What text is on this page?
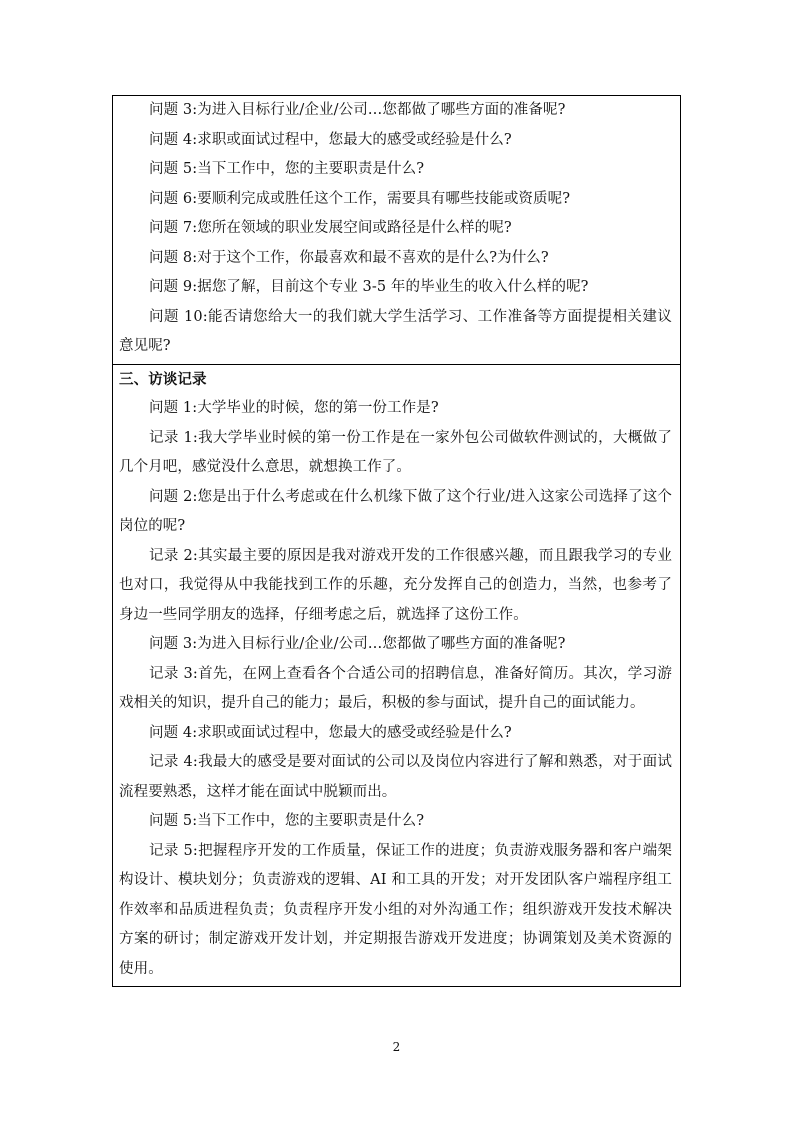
问题 3:为进入目标行业/企业/公司…您都做了哪些方面的准备呢?

问题 4:求职或面试过程中，您最大的感受或经验是什么?

问题 5:当下工作中，您的主要职责是什么?

问题 6:要顺利完成或胜任这个工作，需要具有哪些技能或资质呢?

问题 7:您所在领域的职业发展空间或路径是什么样的呢?

问题 8:对于这个工作，你最喜欢和最不喜欢的是什么?为什么?

问题 9:据您了解，目前这个专业 3-5 年的毕业生的收入什么样的呢?

问题 10:能否请您给大一的我们就大学生活学习、工作准备等方面提提相关建议意见呢?

三、访谈记录

问题 1:大学毕业的时候，您的第一份工作是?

记录 1:我大学毕业时候的第一份工作是在一家外包公司做软件测试的，大概做了几个月吧，感觉没什么意思，就想换工作了。

问题 2:您是出于什么考虑或在什么机缘下做了这个行业/进入这家公司选择了这个岗位的呢?

记录 2:其实最主要的原因是我对游戏开发的工作很感兴趣，而且跟我学习的专业也对口，我觉得从中我能找到工作的乐趣，充分发挥自己的创造力，当然，也参考了身边一些同学朋友的选择，仔细考虑之后，就选择了这份工作。

问题 3:为进入目标行业/企业/公司…您都做了哪些方面的准备呢?

记录 3:首先，在网上查看各个合适公司的招聘信息，准备好简历。其次，学习游戏相关的知识，提升自己的能力；最后，积极的参与面试，提升自己的面试能力。

问题 4:求职或面试过程中，您最大的感受或经验是什么?

记录 4:我最大的感受是要对面试的公司以及岗位内容进行了解和熟悉，对于面试流程要熟悉，这样才能在面试中脱颖而出。

问题 5:当下工作中，您的主要职责是什么?

记录 5:把握程序开发的工作质量，保证工作的进度；负责游戏服务器和客户端架构设计、模块划分；负责游戏的逻辑、AI 和工具的开发；对开发团队客户端程序组工作效率和品质进程负责；负责程序开发小组的对外沟通工作；组织游戏开发技术解决方案的研讨；制定游戏开发计划，并定期报告游戏开发进度；协调策划及美术资源的使用。

2
